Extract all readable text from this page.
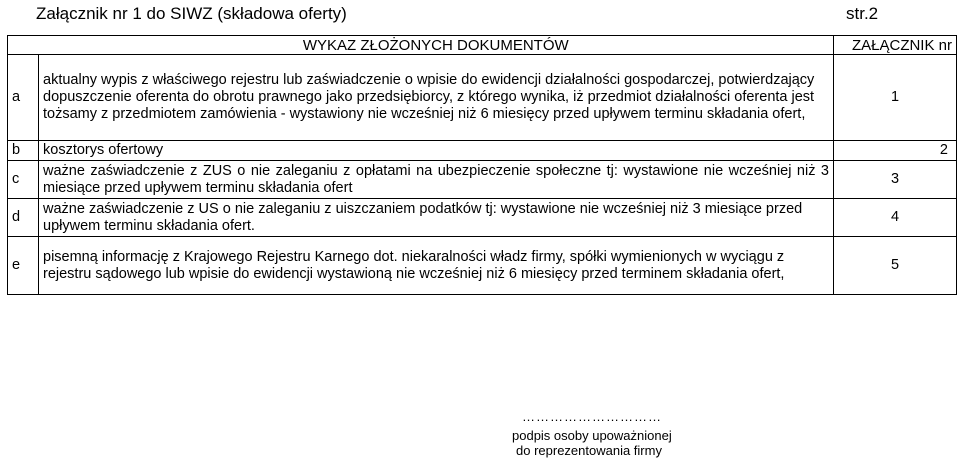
Załącznik nr 1 do SIWZ (składowa oferty)	str.2
	WYKAZ ZŁOŻONYCH DOKUMENTÓW	ZAŁĄCZNIK nr
a	aktualny wypis z właściwego rejestru lub zaświadczenie o wpisie do ewidencji działalności gospodarczej, potwierdzający dopuszczenie oferenta do obrotu prawnego jako przedsiębiorcy, z którego wynika, iż przedmiot działalności oferenta jest tożsamy z przedmiotem zamówienia - wystawiony nie wcześniej niż 6 miesięcy przed upływem terminu składania ofert,	1
b	kosztorys ofertowy	2
c	ważne zaświadczenie z ZUS o nie zaleganiu z opłatami na ubezpieczenie społeczne tj: wystawione nie wcześniej niż 3 miesiące przed upływem terminu składania ofert	3
d	ważne zaświadczenie z US o nie zaleganiu z uiszczaniem podatków tj: wystawione nie wcześniej niż 3 miesiące przed upływem terminu składania ofert.	4
e	pisemną informację z Krajowego Rejestru Karnego dot. niekaralności władz firmy, spółki wymienionych w wyciągu z rejestru sądowego lub wpisie do ewidencji wystawioną nie wcześniej niż 6 miesięcy przed terminem składania ofert,	5
…………………………
podpis osoby upoważnionej
do reprezentowania firmy
